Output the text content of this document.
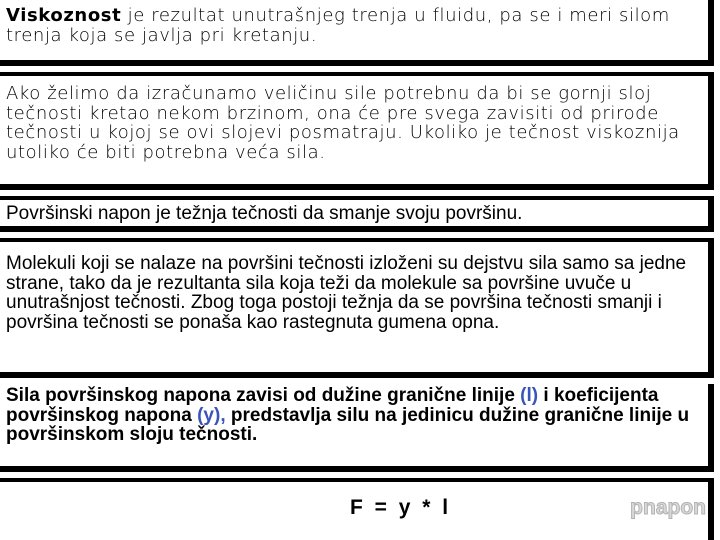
Viskoznost je rezultat unutrašnjeg trenja u fluidu, pa se i meri silom trenja koja se javlja pri kretanju.

Ako želimo da izračunamo veličinu sile potrebnu da bi se gornji sloj tečnosti kretao nekom brzinom, ona će pre svega zavisiti od prirode tečnosti u kojoj se ovi slojevi posmatraju. Ukoliko je tečnost viskoznija utoliko će biti potrebna veća sila.

Površinski napon je težnja tečnosti da smanje svoju površinu.

Molekuli koji se nalaze na površini tečnosti izloženi su dejstvu sila samo sa jedne strane, tako da je rezultanta sila koja teži da molekule sa površine uvuče u unutrašnjost tečnosti. Zbog toga postoji težnja da se površina tečnosti smanji i površina tečnosti se ponaša kao rastegnuta gumena opna.

Sila površinskog napona zavisi od dužine granične linije (l) i koeficijenta površinskog napona (y), predstavlja silu na jedinicu dužine granične linije u površinskom sloju tečnosti.

F = y * l	pnapon
